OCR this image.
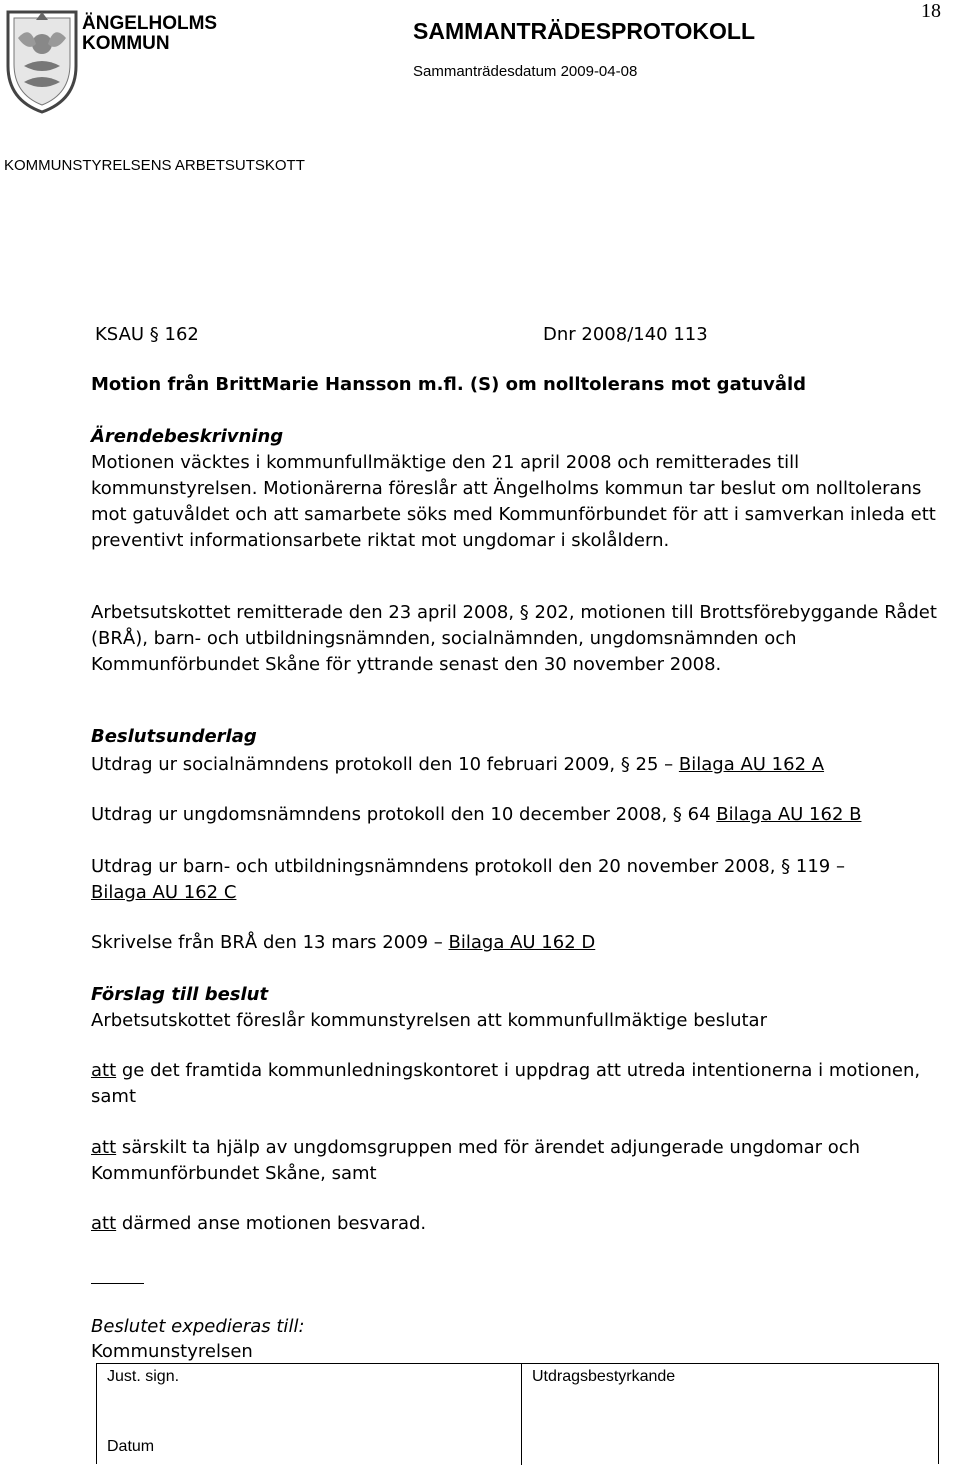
ÄNGELHOLMS
KOMMUN	SAMMANTRÄDESPROTOKOLL
Sammanträdesdatum 2009-04-08
18
KOMMUNSTYRELSENS ARBETSUTSKOTT
KSAU § 162	Dnr 2008/140 113
Motion från BrittMarie Hansson m.fl. (S) om nolltolerans mot gatuvåld
Ärendebeskrivning
Motionen väcktes i kommunfullmäktige den 21 april 2008 och remitterades till kommunstyrelsen. Motionärerna föreslår att Ängelholms kommun tar beslut om nolltolerans mot gatuvåldet och att samarbete söks med Kommunförbundet för att i samverkan inleda ett preventivt informationsarbete riktat mot ungdomar i skolåldern.
Arbetsutskottet remitterade den 23 april 2008, § 202, motionen till Brottsförebyggande Rådet (BRÅ), barn- och utbildningsnämnden, socialnämnden, ungdomsnämnden och Kommunförbundet Skåne för yttrande senast den 30 november 2008.
Beslutsunderlag
Utdrag ur socialnämndens protokoll den 10 februari 2009, § 25 – Bilaga AU 162 A
Utdrag ur ungdomsnämndens protokoll den 10 december 2008, § 64 Bilaga AU 162 B
Utdrag ur barn- och utbildningsnämndens protokoll den 20 november 2008, § 119 –
Bilaga AU 162 C
Skrivelse från BRÅ den 13 mars 2009 – Bilaga AU 162 D
Förslag till beslut
Arbetsutskottet föreslår kommunstyrelsen att kommunfullmäktige beslutar
att ge det framtida kommunledningskontoret i uppdrag att utreda intentionerna i motionen, samt
att särskilt ta hjälp av ungdomsgruppen med för ärendet adjungerade ungdomar och Kommunförbundet Skåne, samt
att därmed anse motionen besvarad.
Beslutet expedieras till:
Kommunstyrelsen
Just. sign.
Datum
Utdragsbestyrkande
